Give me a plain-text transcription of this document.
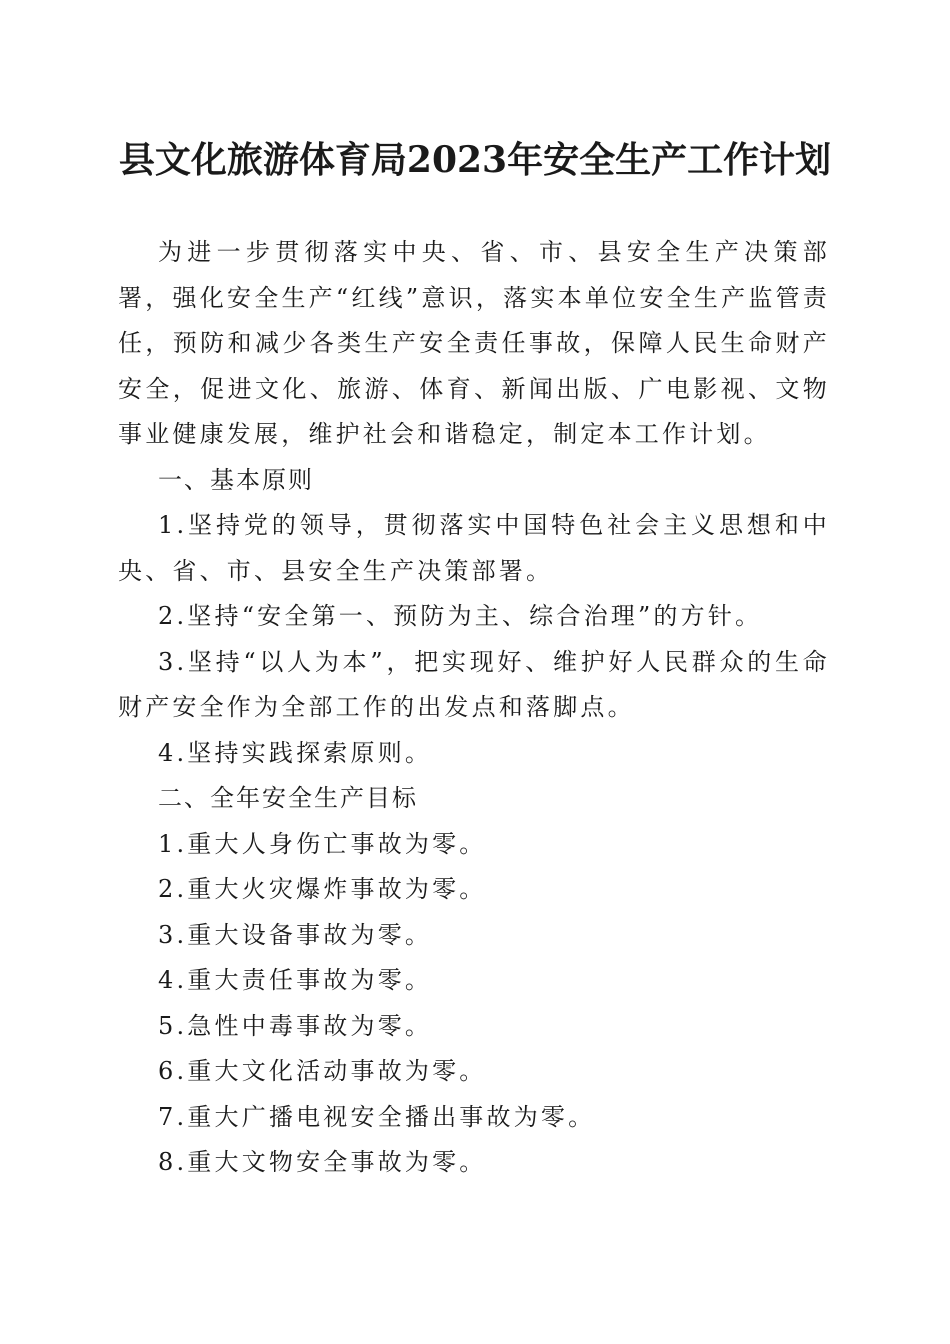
县文化旅游体育局2023年安全生产工作计划

为进一步贯彻落实中央、省、市、县安全生产决策部署，强化安全生产“红线”意识，落实本单位安全生产监管责任，预防和减少各类生产安全责任事故，保障人民生命财产安全，促进文化、旅游、体育、新闻出版、广电影视、文物事业健康发展，维护社会和谐稳定，制定本工作计划。

一、基本原则

1.坚持党的领导，贯彻落实中国特色社会主义思想和中央、省、市、县安全生产决策部署。

2.坚持“安全第一、预防为主、综合治理”的方针。

3.坚持“以人为本”，把实现好、维护好人民群众的生命财产安全作为全部工作的出发点和落脚点。

4.坚持实践探索原则。

二、全年安全生产目标

1.重大人身伤亡事故为零。

2.重大火灾爆炸事故为零。

3.重大设备事故为零。

4.重大责任事故为零。

5.急性中毒事故为零。

6.重大文化活动事故为零。

7.重大广播电视安全播出事故为零。

8.重大文物安全事故为零。
